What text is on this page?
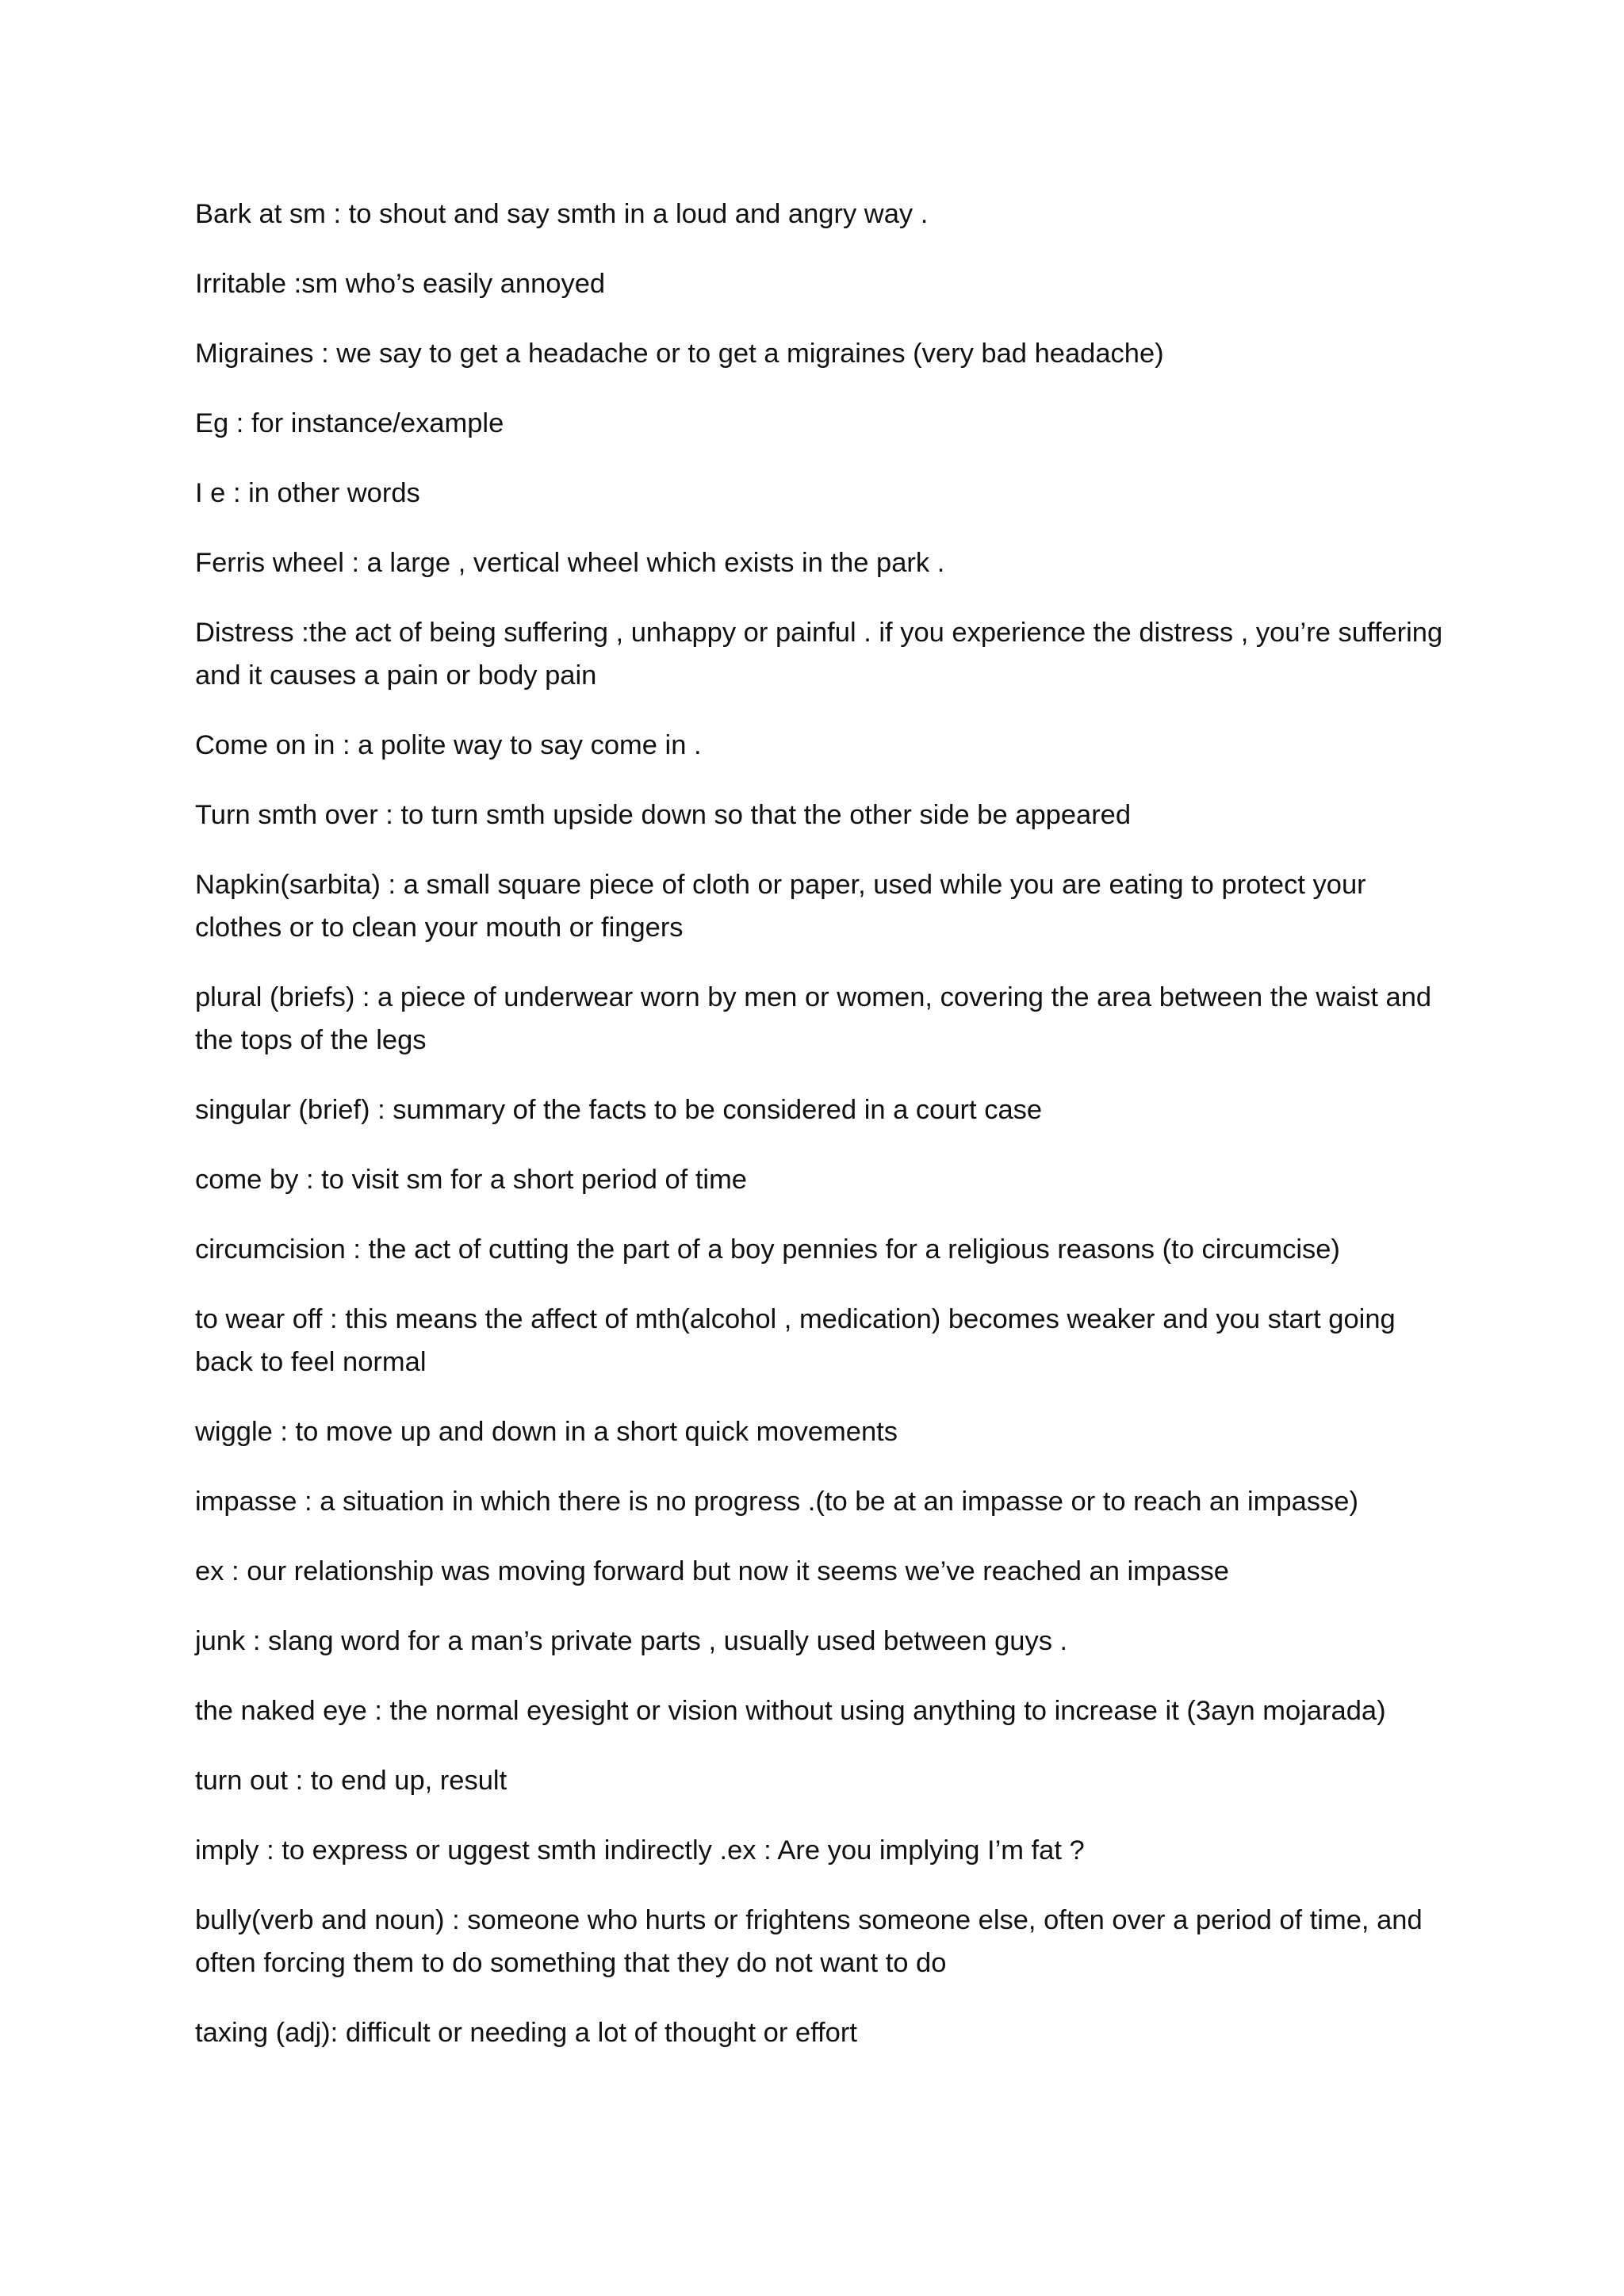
Bark at sm : to shout and say smth in a loud and angry way .
Irritable :sm who’s easily annoyed
Migraines : we say to get a headache or to get a migraines (very bad headache)
Eg : for instance/example
I e : in other words
Ferris wheel : a large , vertical wheel which exists in the park .
Distress :the act of being suffering , unhappy or painful . if you experience the distress , you’re suffering and it causes a pain or body pain
Come on in : a polite way to say come in .
Turn smth over : to turn smth upside down so that the other side be appeared
Napkin(sarbita) : a small square piece of cloth or paper, used while you are eating to protect your clothes or to clean your mouth or fingers
plural (briefs) : a piece of underwear worn by men or women, covering the area between the waist and the tops of the legs
singular (brief) : summary of the facts to be considered in a court case
come by : to visit sm for a short period of time
circumcision : the act of cutting the part of a boy pennies for a religious reasons (to circumcise)
to wear off : this means the affect of mth(alcohol , medication) becomes weaker and you start going back to feel normal
wiggle : to move up and down in a short quick movements
impasse : a situation in which there is no progress .(to be at an impasse or to reach an impasse)
ex : our relationship was moving forward but now it seems we’ve reached an impasse
junk : slang word for a man’s private parts , usually used between guys .
the naked eye : the normal eyesight or vision without using anything to increase it (3ayn mojarada)
turn out : to end up, result
imply : to express or uggest smth indirectly .ex : Are you implying I’m fat ?
bully(verb and noun) : someone who hurts or frightens someone else, often over a period of time, and often forcing them to do something that they do not want to do
taxing (adj): difficult or needing a lot of thought or effort
